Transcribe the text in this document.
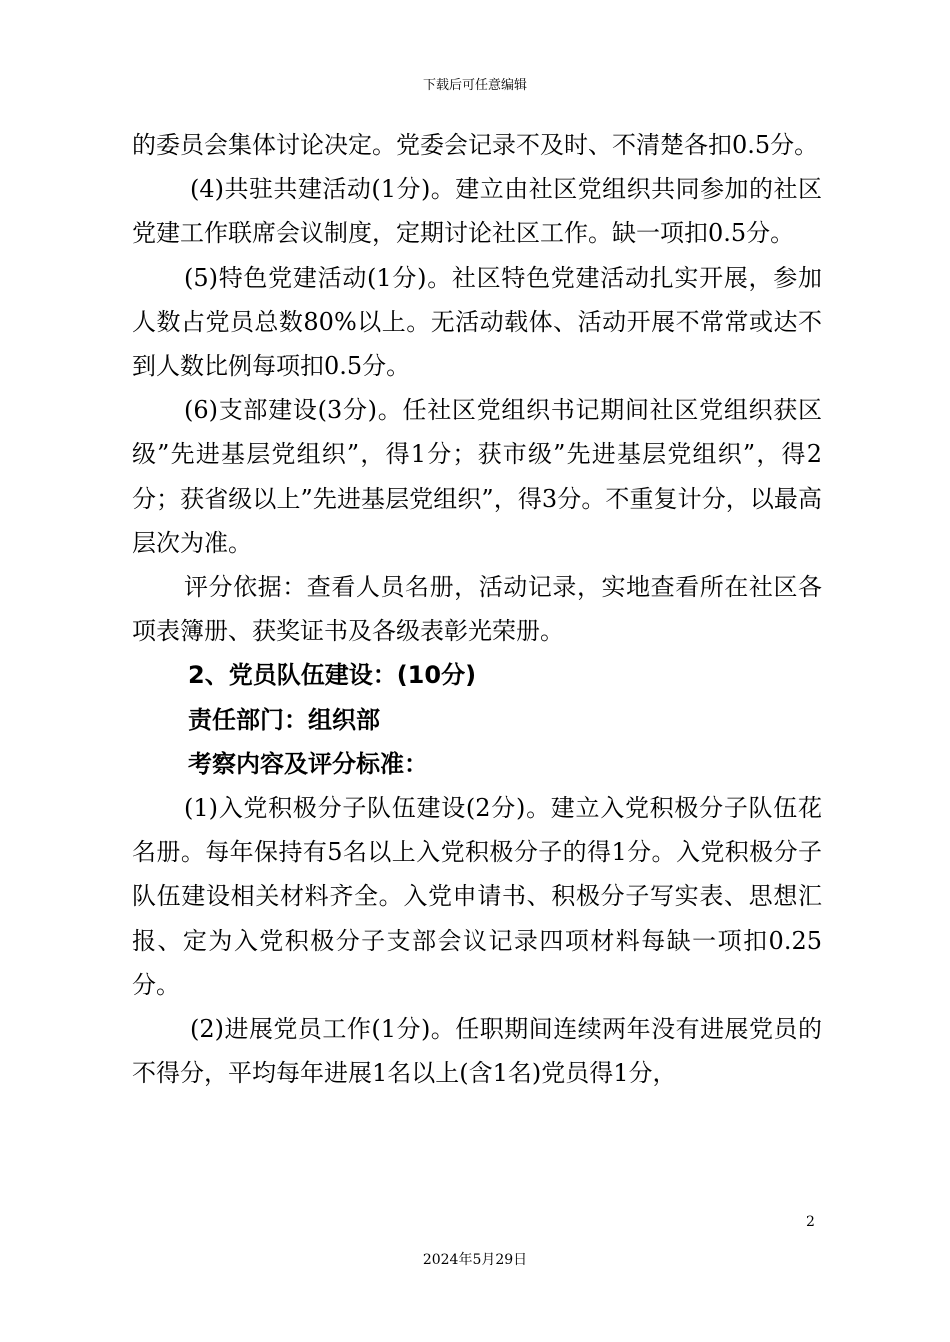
下载后可任意编辑

的委员会集体讨论决定。党委会记录不及时、不清楚各扣0.5分。

(4)共驻共建活动(1分)。建立由社区党组织共同参加的社区党建工作联席会议制度，定期讨论社区工作。缺一项扣0.5分。

(5)特色党建活动(1分)。社区特色党建活动扎实开展，参加人数占党员总数80%以上。无活动载体、活动开展不常常或达不到人数比例每项扣0.5分。

(6)支部建设(3分)。任社区党组织书记期间社区党组织获区级”先进基层党组织”，得1分；获市级”先进基层党组织”，得2分；获省级以上”先进基层党组织”，得3分。不重复计分，以最高层次为准。

评分依据：查看人员名册，活动记录，实地查看所在社区各项表簿册、获奖证书及各级表彰光荣册。

2、党员队伍建设：(10分)

责任部门：组织部

考察内容及评分标准：

(1)入党积极分子队伍建设(2分)。建立入党积极分子队伍花名册。每年保持有5名以上入党积极分子的得1分。入党积极分子队伍建设相关材料齐全。入党申请书、积极分子写实表、思想汇报、定为入党积极分子支部会议记录四项材料每缺一项扣0.25分。

(2)进展党员工作(1分)。任职期间连续两年没有进展党员的不得分，平均每年进展1名以上(含1名)党员得1分，

2
2024年5月29日
